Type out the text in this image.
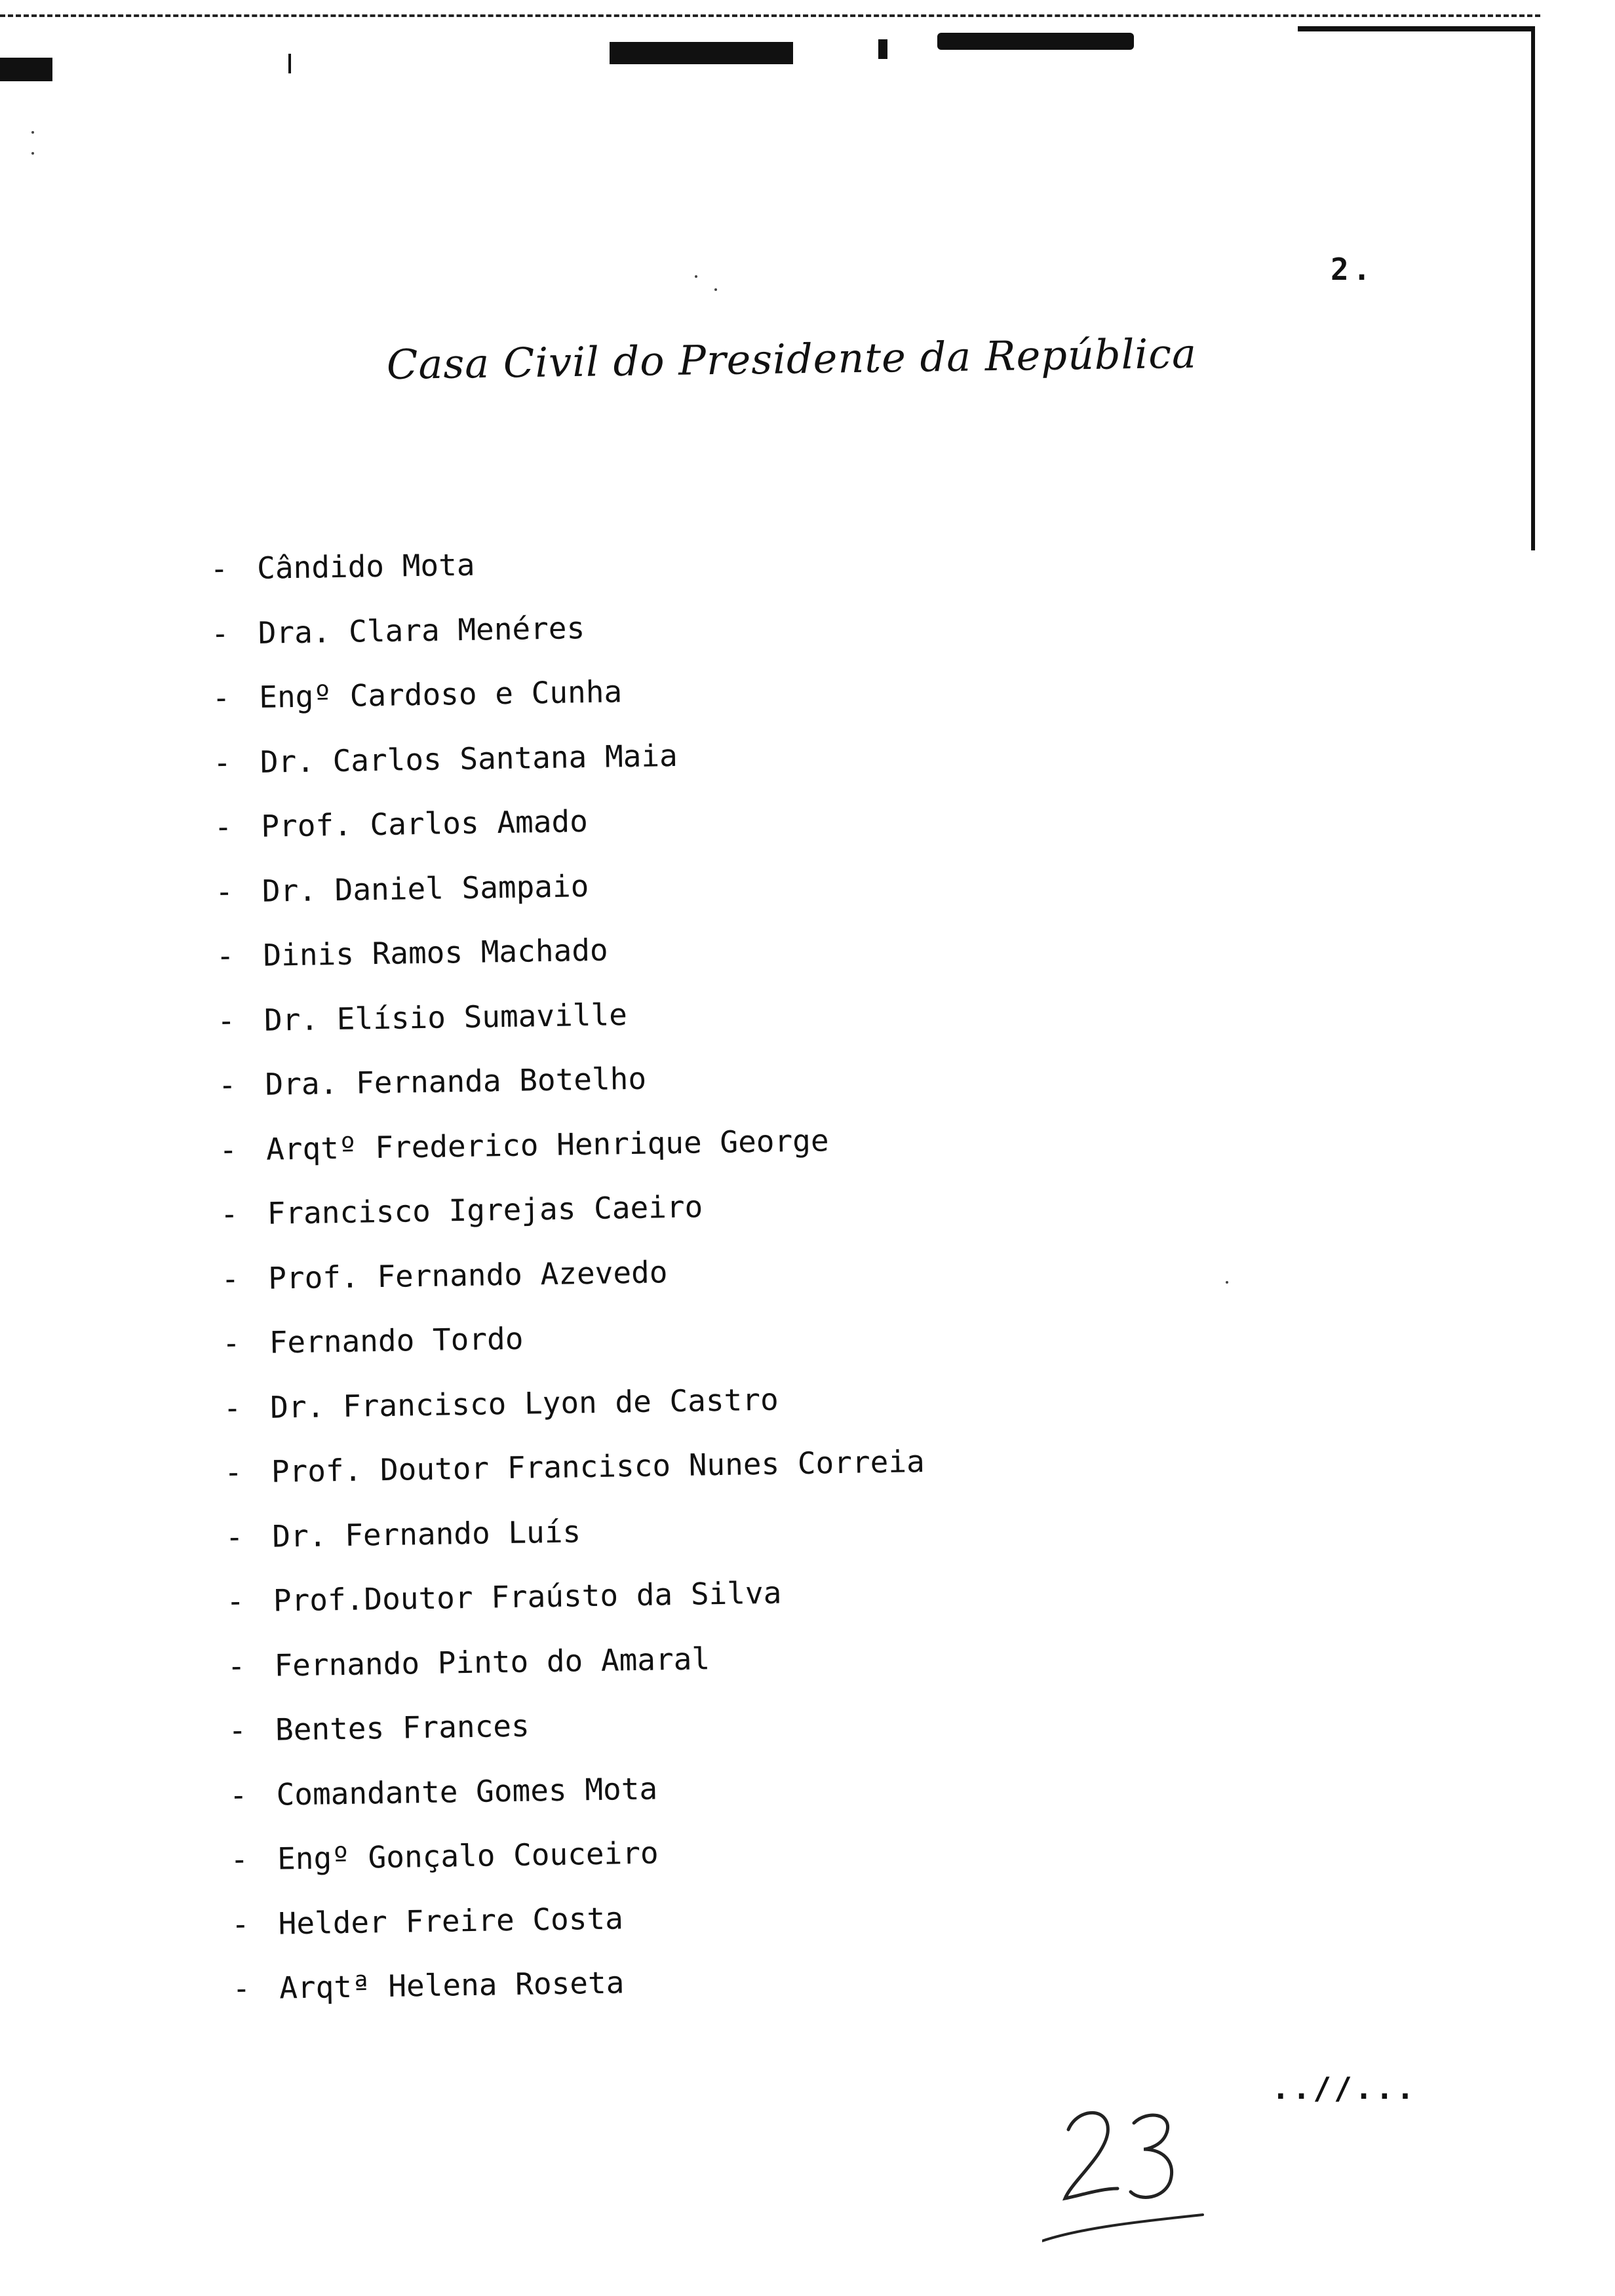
2.
Casa Civil do Presidente da República
- Cândido Mota
- Dra. Clara Menéres
- Engº Cardoso e Cunha
- Dr. Carlos Santana Maia
- Prof. Carlos Amado
- Dr. Daniel Sampaio
- Dinis Ramos Machado
- Dr. Elísio Sumaville
- Dra. Fernanda Botelho
- Arqtº Frederico Henrique George
- Francisco Igrejas Caeiro
- Prof. Fernando Azevedo
- Fernando Tordo
- Dr. Francisco Lyon de Castro
- Prof. Doutor Francisco Nunes Correia
- Dr. Fernando Luís
- Prof.Doutor Fraústo da Silva
- Fernando Pinto do Amaral
- Bentes Frances
- Comandante Gomes Mota
- Engº Gonçalo Couceiro
- Helder Freire Costa
- Arqtª Helena Roseta
..//...
